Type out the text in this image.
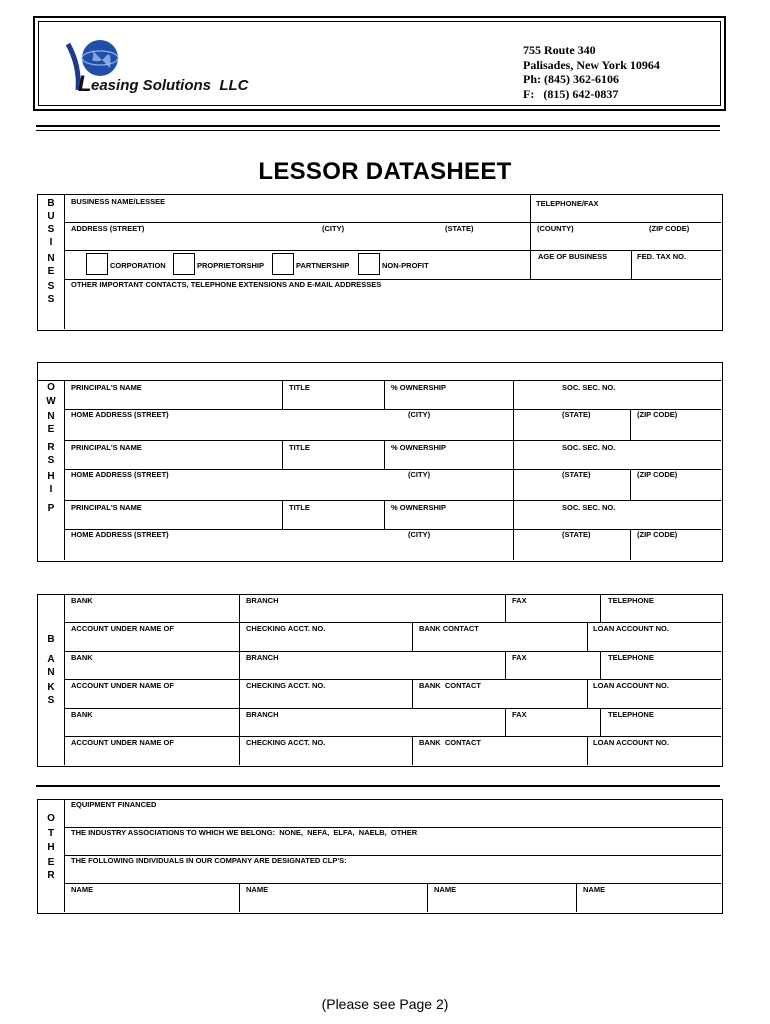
L easing Solutions  LLC
755 Route 340
Palisades, New York 10964
Ph: (845) 362-6106
F:   (815) 642-0837
LESSOR DATASHEET
B
U
S
I
N
E
S
S
BUSINESS NAME/LESSEE	TELEPHONE/FAX
ADDRESS (STREET)	(CITY)	(STATE)	(COUNTY)	(ZIP CODE)
CORPORATION	PROPRIETORSHIP	PARTNERSHIP	NON-PROFIT
AGE OF BUSINESS	FED. TAX NO.
OTHER IMPORTANT CONTACTS, TELEPHONE EXTENSIONS AND E-MAIL ADDRESSES
O
W
N
E
R
S
H
I
P
PRINCIPAL'S NAME	TITLE	% OWNERSHIP	SOC. SEC. NO.
HOME ADDRESS (STREET)	(CITY)	(STATE)	(ZIP CODE)
PRINCIPAL'S NAME	TITLE	% OWNERSHIP	SOC. SEC. NO.
HOME ADDRESS (STREET)	(CITY)	(STATE)	(ZIP CODE)
PRINCIPAL'S NAME	TITLE	% OWNERSHIP	SOC. SEC. NO.
HOME ADDRESS (STREET)	(CITY)	(STATE)	(ZIP CODE)
B
A
N
K
S
BANK	BRANCH	FAX	TELEPHONE
ACCOUNT UNDER NAME OF	CHECKING ACCT. NO.	BANK CONTACT	LOAN ACCOUNT NO.
BANK	BRANCH	FAX	TELEPHONE
ACCOUNT UNDER NAME OF	CHECKING ACCT. NO.	BANK  CONTACT	LOAN ACCOUNT NO.
BANK	BRANCH	FAX	TELEPHONE
ACCOUNT UNDER NAME OF	CHECKING ACCT. NO.	BANK  CONTACT	LOAN ACCOUNT NO.
O
T
H
E
R
EQUIPMENT FINANCED
THE INDUSTRY ASSOCIATIONS TO WHICH WE BELONG:  NONE,  NEFA,  ELFA,  NAELB,  OTHER
THE FOLLOWING INDIVIDUALS IN OUR COMPANY ARE DESIGNATED CLP'S:
NAME	NAME	NAME	NAME
(Please see Page 2)
